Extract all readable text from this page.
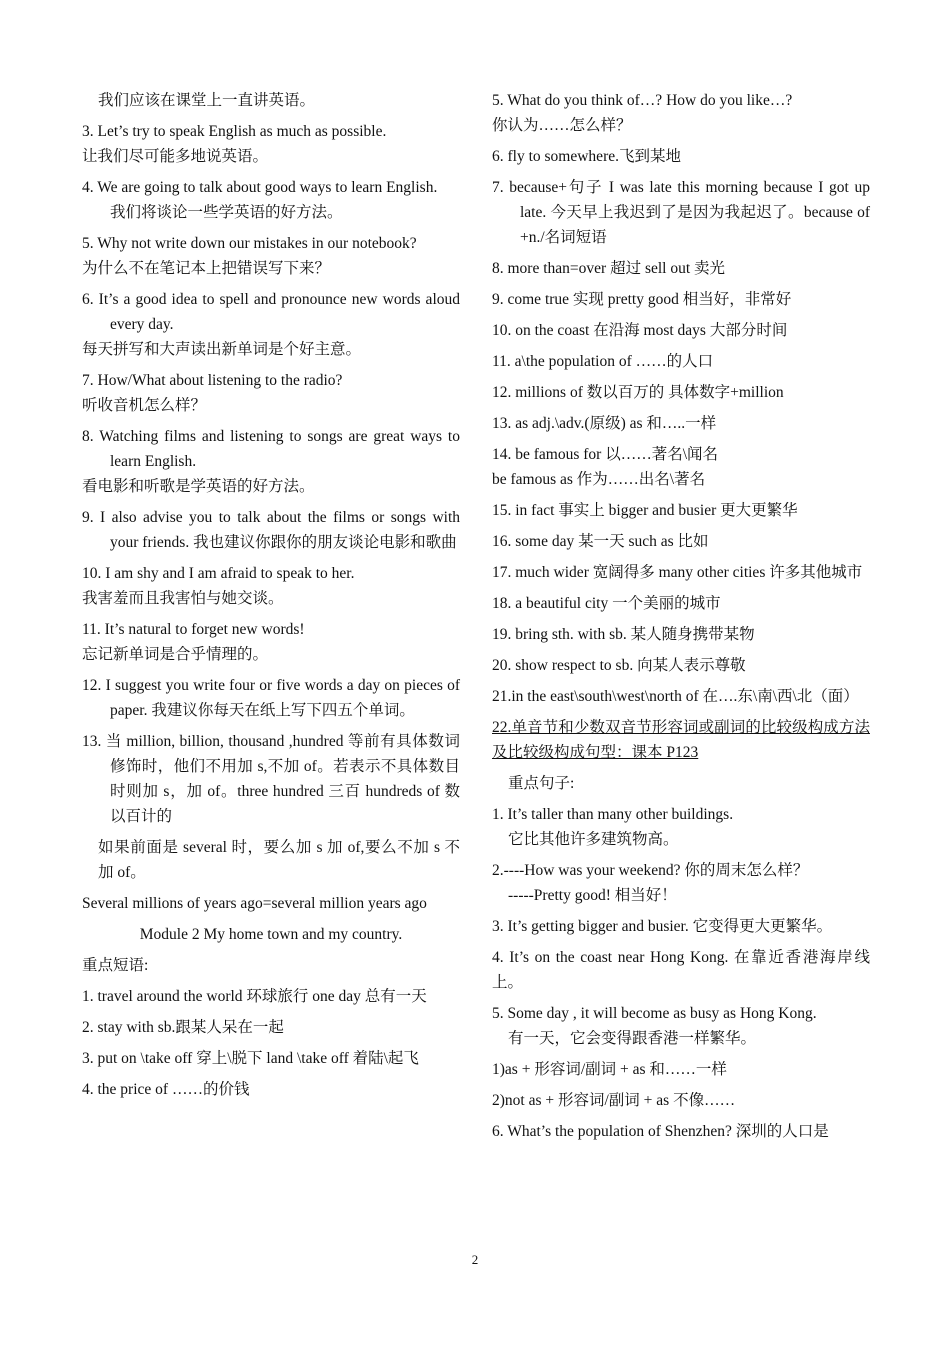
我们应该在课堂上一直讲英语。

3. Let’s try to speak English as much as possible.

让我们尽可能多地说英语。

4. We are going to talk about good ways to learn English.

我们将谈论一些学英语的好方法。

5. Why not write down our mistakes in our notebook?

为什么不在笔记本上把错误写下来？

6. It’s a good idea to spell and pronounce new words aloud every day.

每天拼写和大声读出新单词是个好主意。

7. How/What about listening to the radio?

听收音机怎么样？

8. Watching films and listening to songs are great ways to learn English.

看电影和听歌是学英语的好方法。

9. I also advise you to talk about the films or songs with your friends. 我也建议你跟你的朋友谈论电影和歌曲

10. I am shy and I am afraid to speak to her.

我害羞而且我害怕与她交谈。

11. It’s natural to forget new words!

忘记新单词是合乎情理的。

12. I suggest you write four or five words a day on pieces of paper. 我建议你每天在纸上写下四五个单词。

13. 当 million, billion, thousand ,hundred 等前有具体数词修饰时，他们不用加 s,不加 of。若表示不具体数目时则加 s，加 of。three hundred 三百 hundreds of 数以百计的

如果前面是 several 时，要么加 s 加 of,要么不加 s 不加 of。

Several millions of years ago=several million years ago

Module 2 My home town and my country.

重点短语:

1. travel around the world 环球旅行 one day 总有一天

2. stay with sb.跟某人呆在一起

3. put on \take off 穿上\脱下 land \take off 着陆\起飞

4. the price of ……的价钱

5. What do you think of…? How do you like…?

你认为……怎么样？

6. fly to somewhere.飞到某地

7. because+句子 I was late this morning because I got up late. 今天早上我迟到了是因为我起迟了。because of +n./名词短语

8. more than=over 超过 sell out 卖光

9. come true 实现 pretty good 相当好，非常好

10. on the coast 在沿海 most days 大部分时间

11. a\the population of ……的人口

12. millions of 数以百万的 具体数字+million

13. as adj.\adv.(原级) as 和…..一样

14. be famous for 以……著名\闻名

be famous as 作为……出名\著名

15. in fact 事实上 bigger and busier 更大更繁华

16. some day 某一天 such as 比如

17. much wider 宽阔得多 many other cities 许多其他城市

18. a beautiful city 一个美丽的城市

19. bring sth. with sb. 某人随身携带某物

20. show respect to sb. 向某人表示尊敬

21.in the east\south\west\north of 在….东\南\西\北（面）

22.单音节和少数双音节形容词或副词的比较级构成方法及比较级构成句型：课本 P123

重点句子:

1. It’s taller than many other buildings.

它比其他许多建筑物高。

2.----How was your weekend? 你的周末怎么样？

-----Pretty good! 相当好！

3. It’s getting bigger and busier. 它变得更大更繁华。

4. It’s on the coast near Hong Kong. 在靠近香港海岸线上。

5. Some day , it will become as busy as Hong Kong.

有一天，它会变得跟香港一样繁华。

1)as + 形容词/副词 + as 和……一样

2)not as + 形容词/副词 + as 不像……

6. What’s the population of Shenzhen? 深圳的人口是

2
